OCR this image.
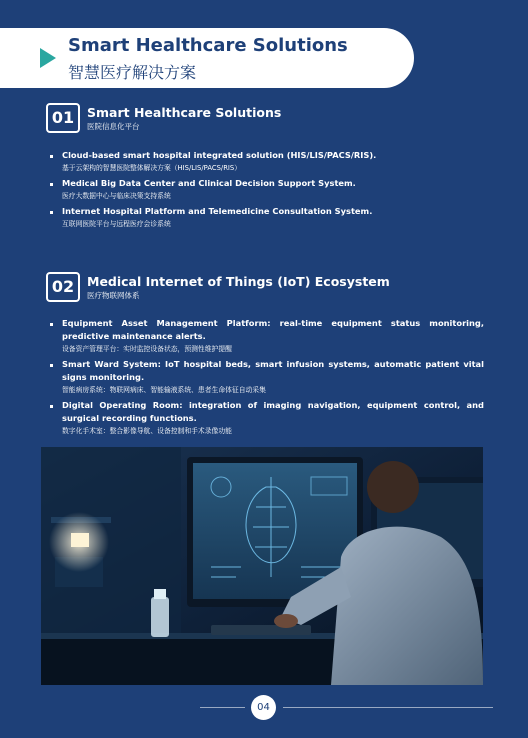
Smart Healthcare Solutions
智慧医疗解决方案
01	Smart Healthcare Solutions
医院信息化平台
Cloud-based smart hospital integrated solution (HIS/LIS/PACS/RIS).
基于云架构的智慧医院整体解决方案（HIS/LIS/PACS/RIS）
Medical Big Data Center and Clinical Decision Support System.
医疗大数据中心与临床决策支持系统
Internet Hospital Platform and Telemedicine Consultation System.
互联网医院平台与远程医疗会诊系统
02	Medical Internet of Things (IoT) Ecosystem
医疗物联网体系
Equipment Asset Management Platform: real-time equipment status monitoring, predictive maintenance alerts.
设备资产管理平台：实时监控设备状态，预测性维护提醒
Smart Ward System: IoT hospital beds, smart infusion systems, automatic patient vital signs monitoring.
智能病房系统：物联网病床、智能输液系统、患者生命体征自动采集
Digital Operating Room: integration of imaging navigation, equipment control, and surgical recording functions.
数字化手术室：整合影像导航、设备控制和手术录像功能
04
